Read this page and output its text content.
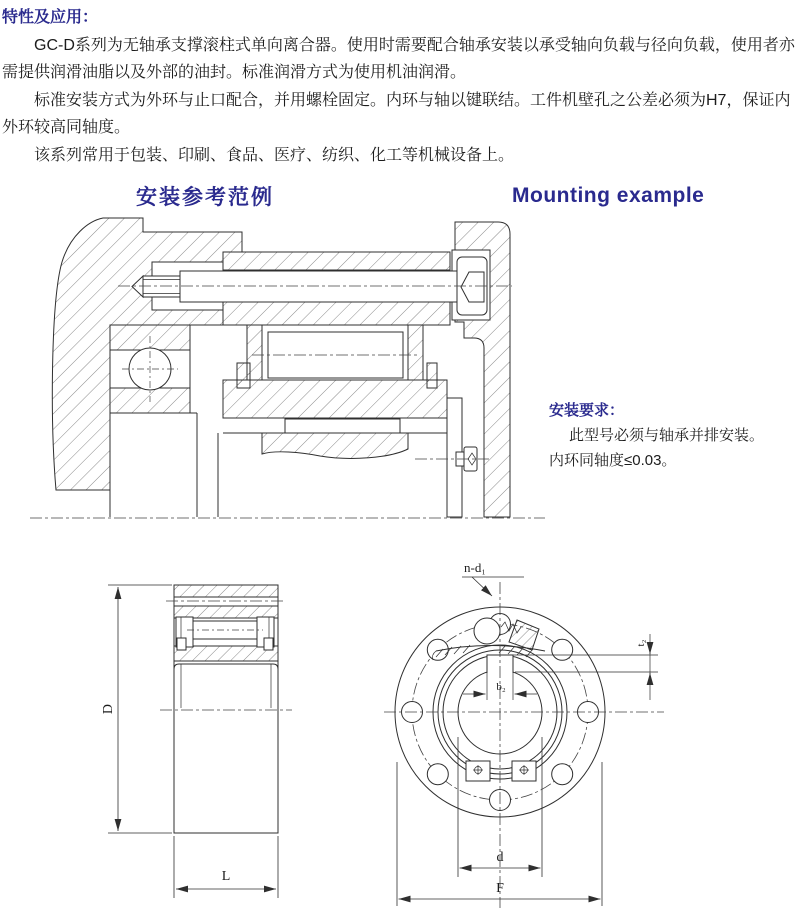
特性及应用：

GC-D系列为无轴承支撑滚柱式单向离合器。使用时需要配合轴承安装以承受轴向负载与径向负载，使用者亦需提供润滑油脂以及外部的油封。标准润滑方式为使用机油润滑。

标准安装方式为外环与止口配合，并用螺栓固定。内环与轴以键联结。工件机壁孔之公差必须为H7，保证内外环较高同轴度。

该系列常用于包装、印刷、食品、医疗、纺织、化工等机械设备上。

安装参考范例	Mounting example
安装要求：
此型号必须与轴承并排安装。
内环同轴度≤0.03。
D
L
n-d₁
t₂
b₂
d
F
